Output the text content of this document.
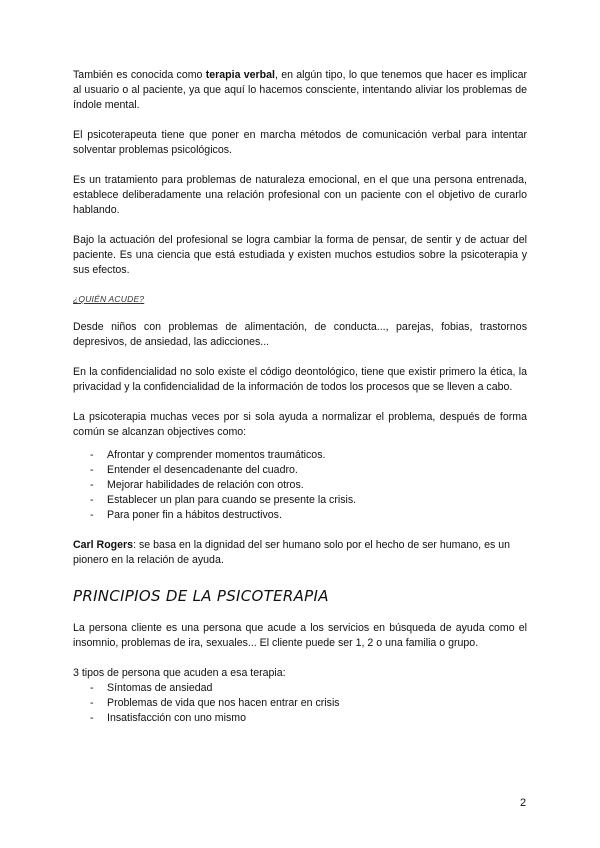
También es conocida como terapia verbal, en algún tipo, lo que tenemos que hacer es implicar al usuario o al paciente, ya que aquí lo hacemos consciente, intentando aliviar los problemas de índole mental.

El psicoterapeuta tiene que poner en marcha métodos de comunicación verbal para intentar solventar problemas psicológicos.

Es un tratamiento para problemas de naturaleza emocional, en el que una persona entrenada, establece deliberadamente una relación profesional con un paciente con el objetivo de curarlo hablando.

Bajo la actuación del profesional se logra cambiar la forma de pensar, de sentir y de actuar del paciente. Es una ciencia que está estudiada y existen muchos estudios sobre la psicoterapia y sus efectos.

¿QUIÉN ACUDE?

Desde niños con problemas de alimentación, de conducta..., parejas, fobias, trastornos depresivos, de ansiedad, las adicciones...

En la confidencialidad no solo existe el código deontológico, tiene que existir primero la ética, la privacidad y la confidencialidad de la información de todos los procesos que se lleven a cabo.

La psicoterapia muchas veces por si sola ayuda a normalizar el problema, después de forma común se alcanzan objectives como:

- Afrontar y comprender momentos traumáticos.
- Entender el desencadenante del cuadro.
- Mejorar habilidades de relación con otros.
- Establecer un plan para cuando se presente la crisis.
- Para poner fin a hábitos destructivos.

Carl Rogers: se basa en la dignidad del ser humano solo por el hecho de ser humano, es un pionero en la relación de ayuda.

PRINCIPIOS DE LA PSICOTERAPIA

La persona cliente es una persona que acude a los servicios en búsqueda de ayuda como el insomnio, problemas de ira, sexuales... El cliente puede ser 1, 2 o una familia o grupo.

3 tipos de persona que acuden a esa terapia:

- Síntomas de ansiedad
- Problemas de vida que nos hacen entrar en crisis
- Insatisfacción con uno mismo
2
